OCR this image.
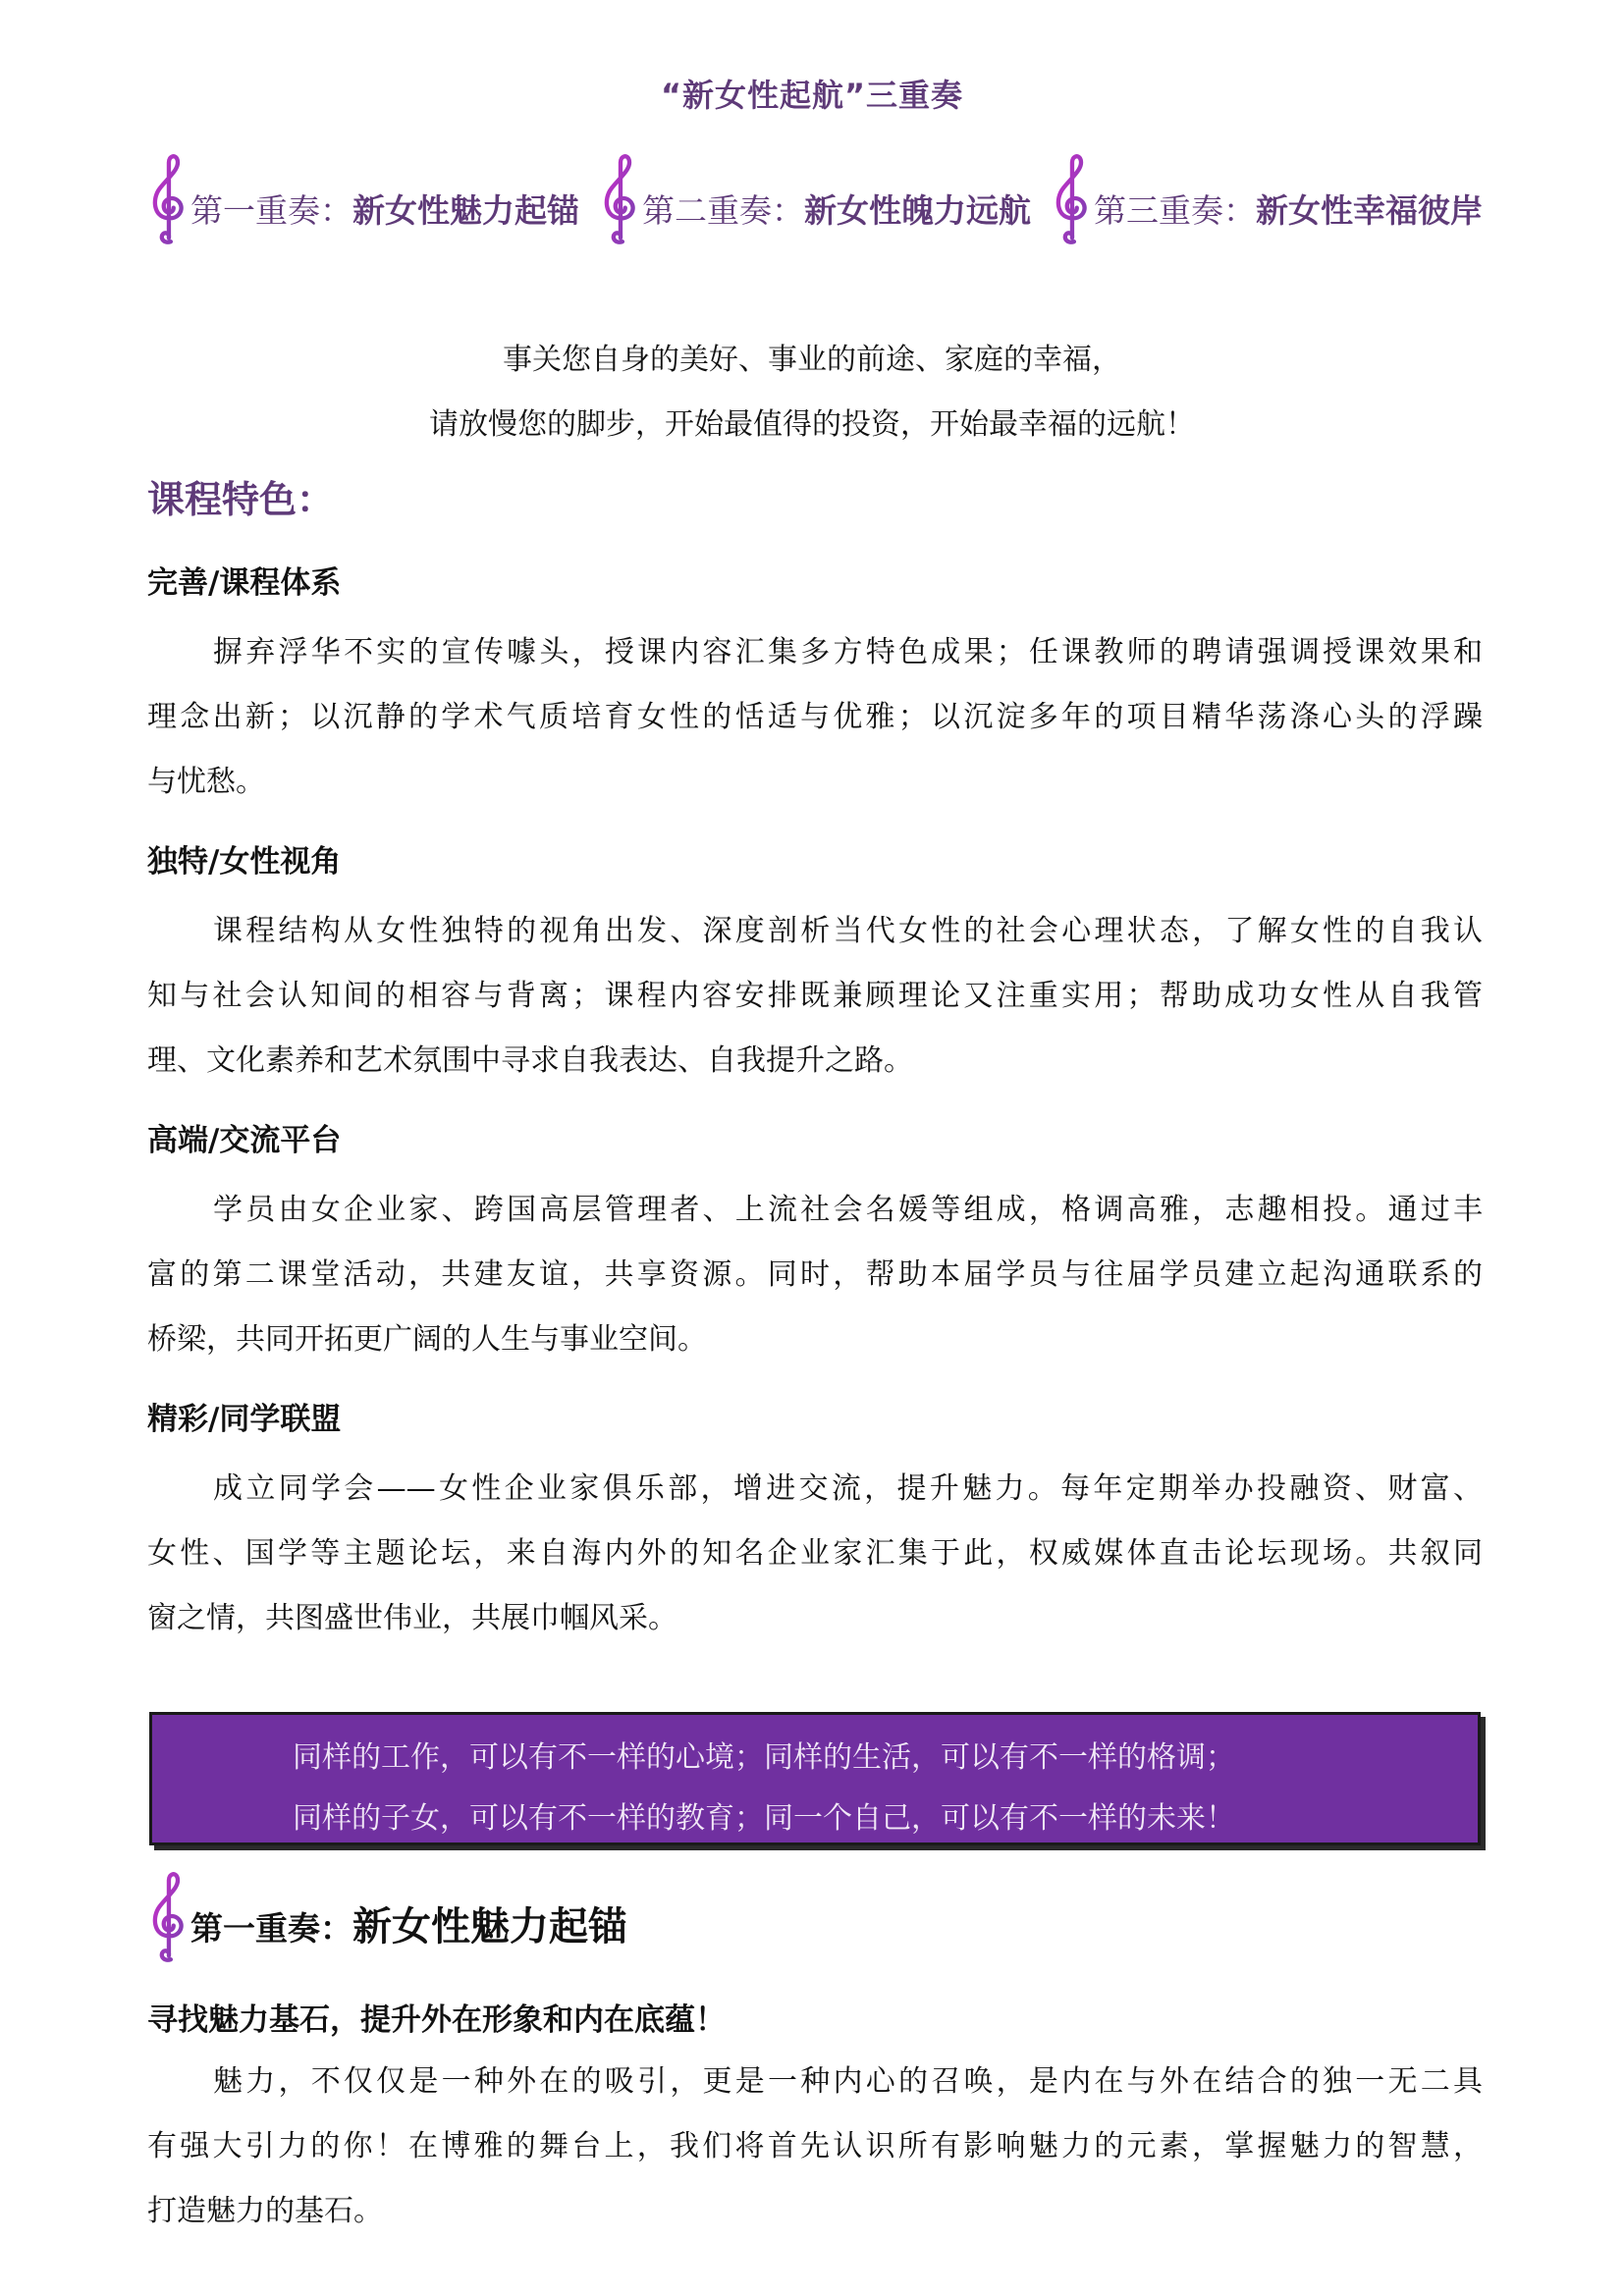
“新女性起航”三重奏
第一重奏：新女性魅力起锚 第二重奏：新女性魄力远航 第三重奏：新女性幸福彼岸
事关您自身的美好、事业的前途、家庭的幸福，
请放慢您的脚步，开始最值得的投资，开始最幸福的远航！
课程特色：
完善/课程体系
摒弃浮华不实的宣传噱头，授课内容汇集多方特色成果；任课教师的聘请强调授课效果和
理念出新；以沉静的学术气质培育女性的恬适与优雅；以沉淀多年的项目精华荡涤心头的浮躁
与忧愁。
独特/女性视角
课程结构从女性独特的视角出发、深度剖析当代女性的社会心理状态，了解女性的自我认
知与社会认知间的相容与背离；课程内容安排既兼顾理论又注重实用；帮助成功女性从自我管
理、文化素养和艺术氛围中寻求自我表达、自我提升之路。
高端/交流平台
学员由女企业家、跨国高层管理者、上流社会名媛等组成，格调高雅，志趣相投。通过丰
富的第二课堂活动，共建友谊，共享资源。同时，帮助本届学员与往届学员建立起沟通联系的
桥梁，共同开拓更广阔的人生与事业空间。
精彩/同学联盟
成立同学会——女性企业家俱乐部，增进交流，提升魅力。每年定期举办投融资、财富、
女性、国学等主题论坛，来自海内外的知名企业家汇集于此，权威媒体直击论坛现场。共叙同
窗之情，共图盛世伟业，共展巾帼风采。
同样的工作，可以有不一样的心境；同样的生活，可以有不一样的格调；
同样的子女，可以有不一样的教育；同一个自己，可以有不一样的未来！
第一重奏：新女性魅力起锚
寻找魅力基石，提升外在形象和内在底蕴！
魅力，不仅仅是一种外在的吸引，更是一种内心的召唤，是内在与外在结合的独一无二具
有强大引力的你！在博雅的舞台上，我们将首先认识所有影响魅力的元素，掌握魅力的智慧，
打造魅力的基石。
